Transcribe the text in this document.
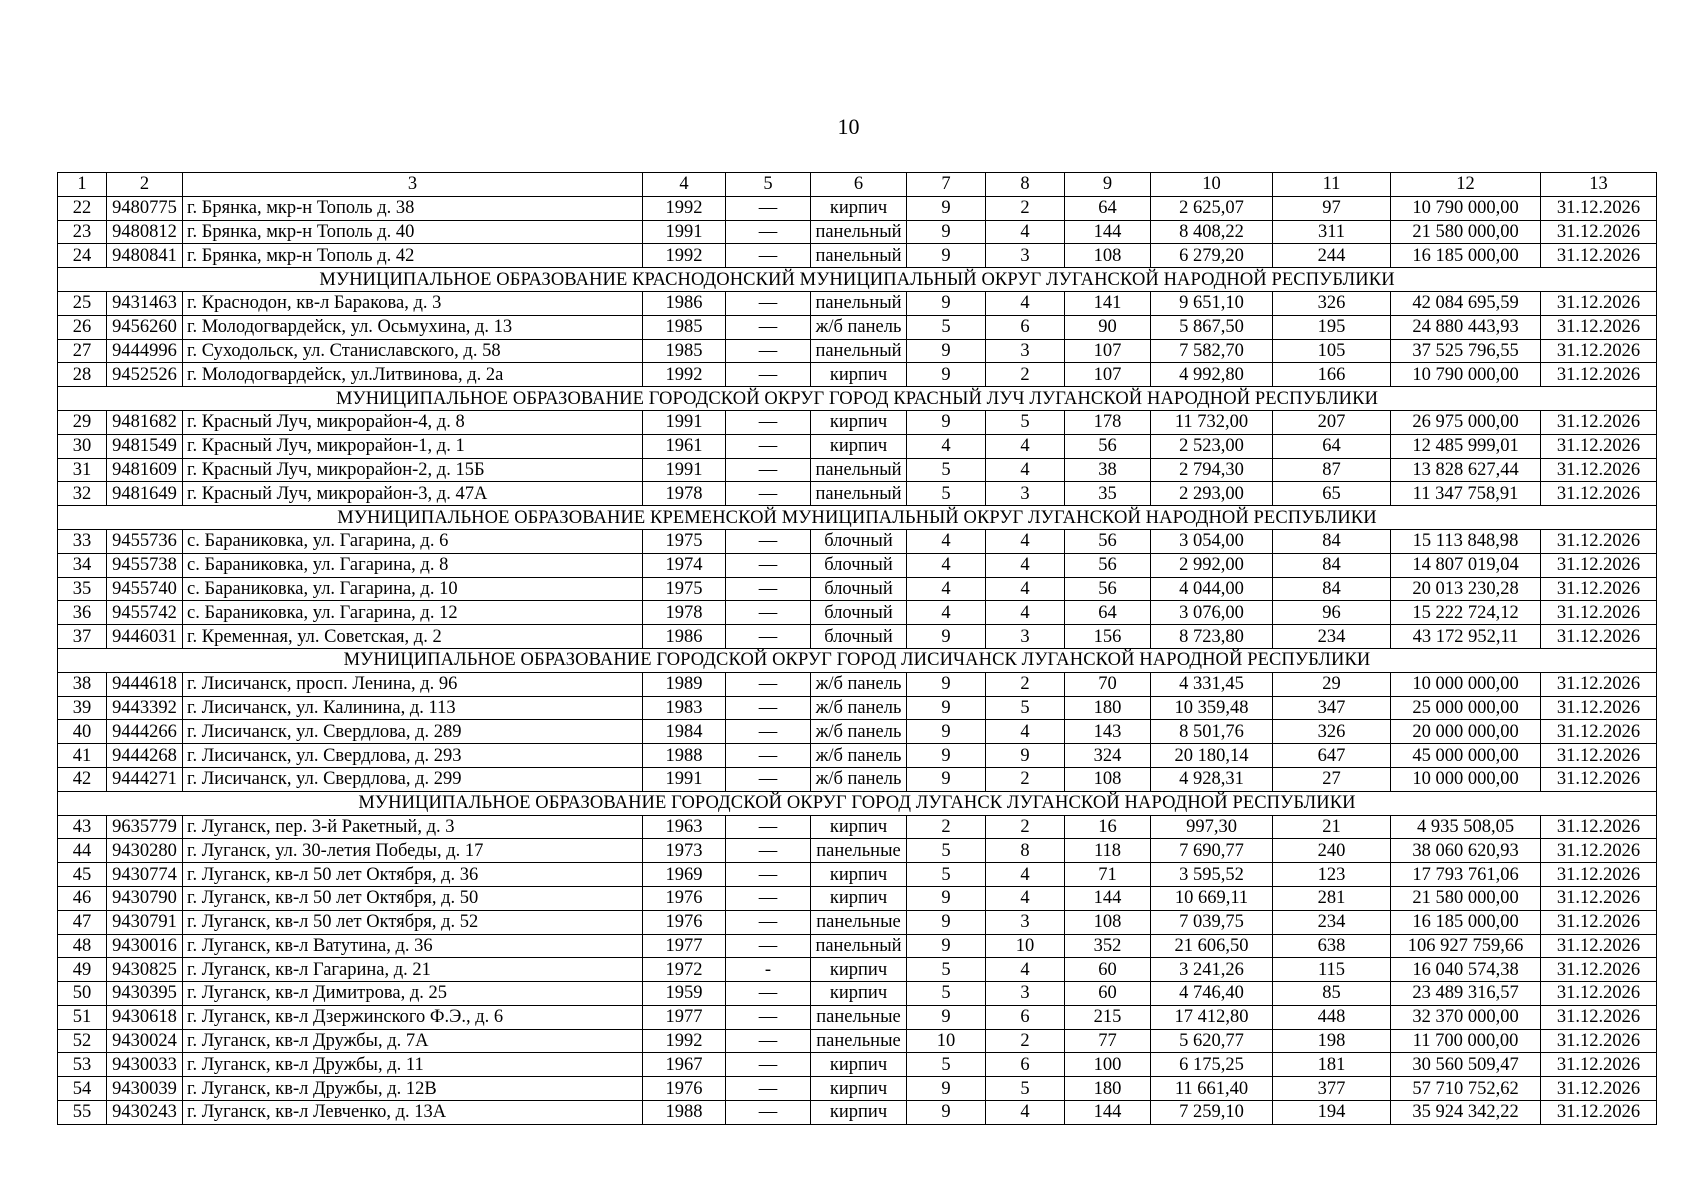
10
1	2	3	4	5	6	7	8	9	10	11	12	13
22	9480775	г. Брянка, мкр-н Тополь д. 38	1992	—	кирпич	9	2	64	2 625,07	97	10 790 000,00	31.12.2026
23	9480812	г. Брянка, мкр-н Тополь д. 40	1991	—	панельный	9	4	144	8 408,22	311	21 580 000,00	31.12.2026
24	9480841	г. Брянка, мкр-н Тополь д. 42	1992	—	панельный	9	3	108	6 279,20	244	16 185 000,00	31.12.2026
МУНИЦИПАЛЬНОЕ ОБРАЗОВАНИЕ КРАСНОДОНСКИЙ МУНИЦИПАЛЬНЫЙ ОКРУГ ЛУГАНСКОЙ НАРОДНОЙ РЕСПУБЛИКИ												
25	9431463	г. Краснодон, кв-л Баракова, д. 3	1986	—	панельный	9	4	141	9 651,10	326	42 084 695,59	31.12.2026
26	9456260	г. Молодогвардейск, ул. Осьмухина, д. 13	1985	—	ж/б панель	5	6	90	5 867,50	195	24 880 443,93	31.12.2026
27	9444996	г. Суходольск, ул. Станиславского, д. 58	1985	—	панельный	9	3	107	7 582,70	105	37 525 796,55	31.12.2026
28	9452526	г. Молодогвардейск, ул.Литвинова, д. 2а	1992	—	кирпич	9	2	107	4 992,80	166	10 790 000,00	31.12.2026
МУНИЦИПАЛЬНОЕ ОБРАЗОВАНИЕ ГОРОДСКОЙ ОКРУГ ГОРОД КРАСНЫЙ ЛУЧ ЛУГАНСКОЙ НАРОДНОЙ РЕСПУБЛИКИ												
29	9481682	г. Красный Луч, микрорайон-4, д. 8	1991	—	кирпич	9	5	178	11 732,00	207	26 975 000,00	31.12.2026
30	9481549	г. Красный Луч, микрорайон-1, д. 1	1961	—	кирпич	4	4	56	2 523,00	64	12 485 999,01	31.12.2026
31	9481609	г. Красный Луч, микрорайон-2, д. 15Б	1991	—	панельный	5	4	38	2 794,30	87	13 828 627,44	31.12.2026
32	9481649	г. Красный Луч, микрорайон-3, д. 47А	1978	—	панельный	5	3	35	2 293,00	65	11 347 758,91	31.12.2026
МУНИЦИПАЛЬНОЕ ОБРАЗОВАНИЕ КРЕМЕНСКОЙ МУНИЦИПАЛЬНЫЙ ОКРУГ ЛУГАНСКОЙ НАРОДНОЙ РЕСПУБЛИКИ												
33	9455736	с. Бараниковка, ул. Гагарина, д. 6	1975	—	блочный	4	4	56	3 054,00	84	15 113 848,98	31.12.2026
34	9455738	с. Бараниковка, ул. Гагарина, д. 8	1974	—	блочный	4	4	56	2 992,00	84	14 807 019,04	31.12.2026
35	9455740	с. Бараниковка, ул. Гагарина, д. 10	1975	—	блочный	4	4	56	4 044,00	84	20 013 230,28	31.12.2026
36	9455742	с. Бараниковка, ул. Гагарина, д. 12	1978	—	блочный	4	4	64	3 076,00	96	15 222 724,12	31.12.2026
37	9446031	г. Кременная, ул. Советская, д. 2	1986	—	блочный	9	3	156	8 723,80	234	43 172 952,11	31.12.2026
МУНИЦИПАЛЬНОЕ ОБРАЗОВАНИЕ ГОРОДСКОЙ ОКРУГ ГОРОД ЛИСИЧАНСК ЛУГАНСКОЙ НАРОДНОЙ РЕСПУБЛИКИ												
38	9444618	г. Лисичанск, просп. Ленина, д. 96	1989	—	ж/б панель	9	2	70	4 331,45	29	10 000 000,00	31.12.2026
39	9443392	г. Лисичанск, ул. Калинина, д. 113	1983	—	ж/б панель	9	5	180	10 359,48	347	25 000 000,00	31.12.2026
40	9444266	г. Лисичанск, ул. Свердлова, д. 289	1984	—	ж/б панель	9	4	143	8 501,76	326	20 000 000,00	31.12.2026
41	9444268	г. Лисичанск, ул. Свердлова, д. 293	1988	—	ж/б панель	9	9	324	20 180,14	647	45 000 000,00	31.12.2026
42	9444271	г. Лисичанск, ул. Свердлова, д. 299	1991	—	ж/б панель	9	2	108	4 928,31	27	10 000 000,00	31.12.2026
МУНИЦИПАЛЬНОЕ ОБРАЗОВАНИЕ ГОРОДСКОЙ ОКРУГ ГОРОД ЛУГАНСК ЛУГАНСКОЙ НАРОДНОЙ РЕСПУБЛИКИ												
43	9635779	г. Луганск, пер. 3-й Ракетный, д. 3	1963	—	кирпич	2	2	16	997,30	21	4 935 508,05	31.12.2026
44	9430280	г. Луганск, ул. 30-летия Победы, д. 17	1973	—	панельные	5	8	118	7 690,77	240	38 060 620,93	31.12.2026
45	9430774	г. Луганск, кв-л 50 лет Октября, д. 36	1969	—	кирпич	5	4	71	3 595,52	123	17 793 761,06	31.12.2026
46	9430790	г. Луганск, кв-л 50 лет Октября, д. 50	1976	—	кирпич	9	4	144	10 669,11	281	21 580 000,00	31.12.2026
47	9430791	г. Луганск, кв-л 50 лет Октября, д. 52	1976	—	панельные	9	3	108	7 039,75	234	16 185 000,00	31.12.2026
48	9430016	г. Луганск, кв-л Ватутина, д. 36	1977	—	панельный	9	10	352	21 606,50	638	106 927 759,66	31.12.2026
49	9430825	г. Луганск, кв-л Гагарина, д. 21	1972	-	кирпич	5	4	60	3 241,26	115	16 040 574,38	31.12.2026
50	9430395	г. Луганск, кв-л Димитрова, д. 25	1959	—	кирпич	5	3	60	4 746,40	85	23 489 316,57	31.12.2026
51	9430618	г. Луганск, кв-л Дзержинского Ф.Э., д. 6	1977	—	панельные	9	6	215	17 412,80	448	32 370 000,00	31.12.2026
52	9430024	г. Луганск, кв-л Дружбы, д. 7А	1992	—	панельные	10	2	77	5 620,77	198	11 700 000,00	31.12.2026
53	9430033	г. Луганск, кв-л Дружбы, д. 11	1967	—	кирпич	5	6	100	6 175,25	181	30 560 509,47	31.12.2026
54	9430039	г. Луганск, кв-л Дружбы, д. 12В	1976	—	кирпич	9	5	180	11 661,40	377	57 710 752,62	31.12.2026
55	9430243	г. Луганск, кв-л Левченко, д. 13А	1988	—	кирпич	9	4	144	7 259,10	194	35 924 342,22	31.12.2026
